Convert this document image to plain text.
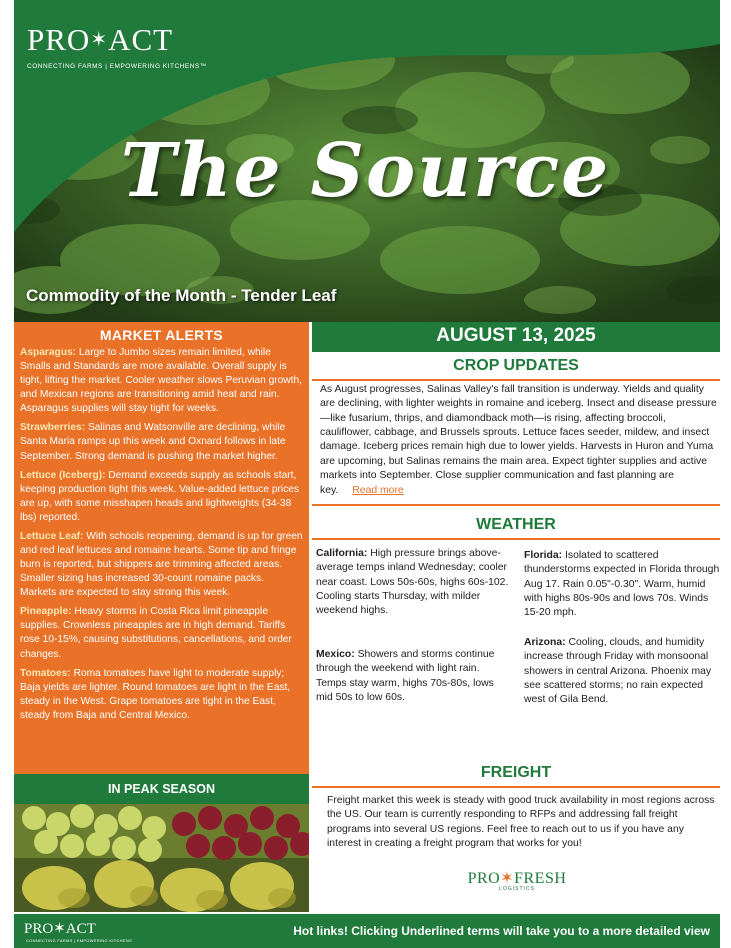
PRO✶ACT
CONNECTING FARMS | EMPOWERING KITCHENS™
The Source
Commodity of the Month - Tender Leaf
MARKET ALERTS
Asparagus: Large to Jumbo sizes remain limited, while Smalls and Standards are more available. Overall supply is tight, lifting the market. Cooler weather slows Peruvian growth, and Mexican regions are transitioning amid heat and rain. Asparagus supplies will stay tight for weeks.
Strawberries: Salinas and Watsonville are declining, while Santa Maria ramps up this week and Oxnard follows in late September. Strong demand is pushing the market higher.
Lettuce (Iceberg): Demand exceeds supply as schools start, keeping production tight this week. Value-added lettuce prices are up, with some misshapen heads and lightweights (34-38 lbs) reported.
Lettuce Leaf: With schools reopening, demand is up for green and red leaf lettuces and romaine hearts. Some tip and fringe burn is reported, but shippers are trimming affected areas. Smaller sizing has increased 30-count romaine packs. Markets are expected to stay strong this week.
Pineapple: Heavy storms in Costa Rica limit pineapple supplies. Crownless pineapples are in high demand. Tariffs rose 10-15%, causing substitutions, cancellations, and order changes.
Tomatoes: Roma tomatoes have light to moderate supply; Baja yields are lighter. Round tomatoes are light in the East, steady in the West. Grape tomatoes are tight in the East, steady from Baja and Central Mexico.
IN PEAK SEASON
AUGUST 13, 2025
CROP UPDATES
As August progresses, Salinas Valley's fall transition is underway. Yields and quality are declining, with lighter weights in romaine and iceberg. Insect and disease pressure—like fusarium, thrips, and diamondback moth—is rising, affecting broccoli, cauliflower, cabbage, and Brussels sprouts. Lettuce faces seeder, mildew, and insect damage. Iceberg prices remain high due to lower yields. Harvests in Huron and Yuma are upcoming, but Salinas remains the main area. Expect tighter supplies and active markets into September. Close supplier communication and fast planning are key. Read more
WEATHER
California: High pressure brings above-average temps inland Wednesday; cooler near coast. Lows 50s-60s, highs 60s-102. Cooling starts Thursday, with milder weekend highs.
Mexico: Showers and storms continue through the weekend with light rain. Temps stay warm, highs 70s-80s, lows mid 50s to low 60s.
Florida: Isolated to scattered thunderstorms expected in Florida through Aug 17. Rain 0.05"-0.30". Warm, humid with highs 80s-90s and lows 70s. Winds 15-20 mph.
Arizona: Cooling, clouds, and humidity increase through Friday with monsoonal showers in central Arizona. Phoenix may see scattered storms; no rain expected west of Gila Bend.
FREIGHT
Freight market this week is steady with good truck availability in most regions across the US. Our team is currently responding to RFPs and addressing fall freight programs into several US regions. Feel free to reach out to us if you have any interest in creating a freight program that works for you!
PRO✶FRESH
LOGISTICS
PRO✶ACT
CONNECTING FARMS | EMPOWERING KITCHENS
Hot links! Clicking Underlined terms will take you to a more detailed view
